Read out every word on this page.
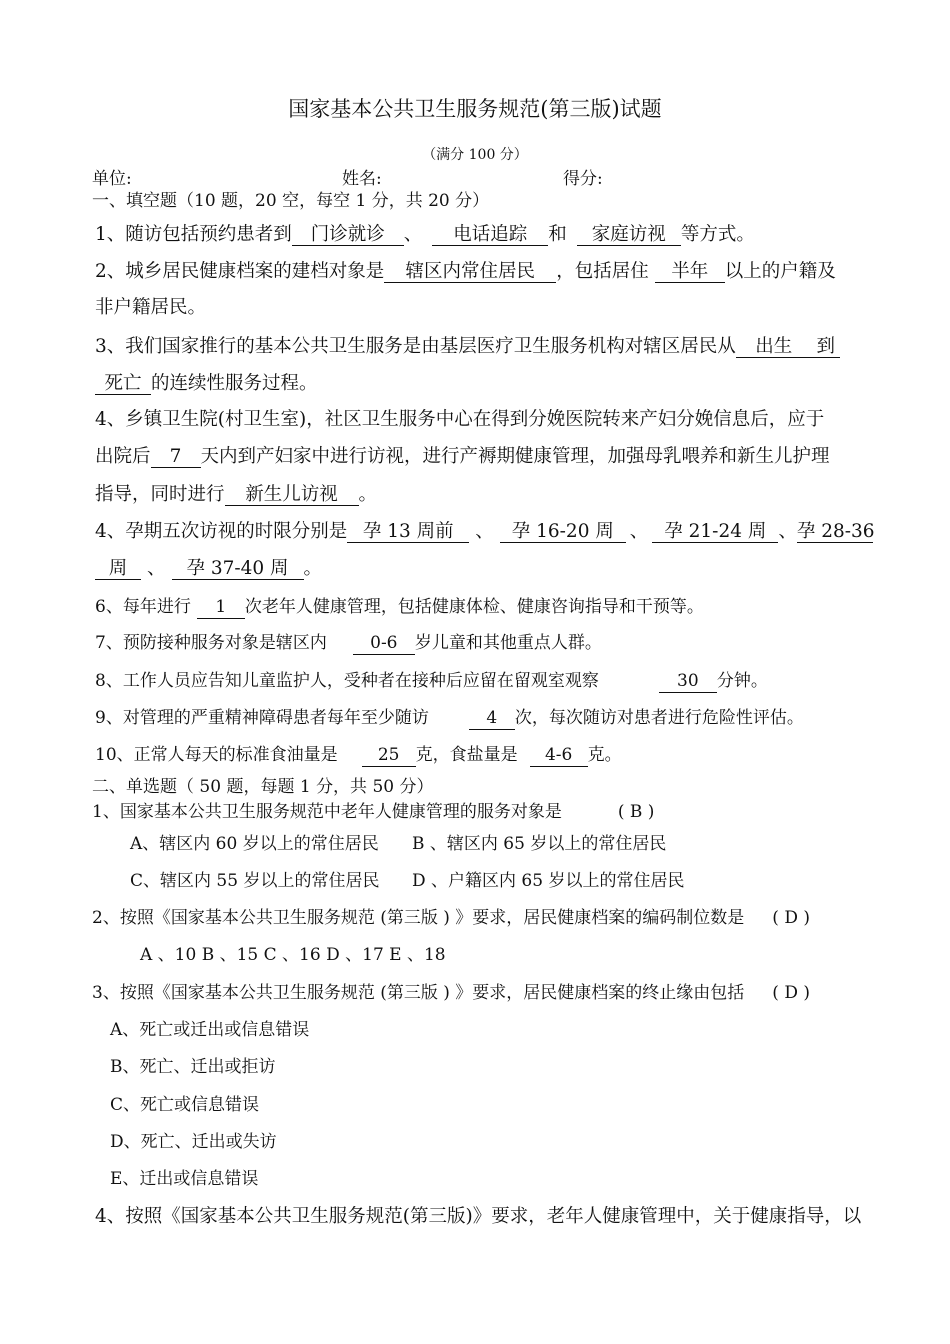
国家基本公共卫生服务规范(第三版)试题
（满分 100 分）
单位:	姓名:	得分:
一、填空题（10 题，20 空，每空 1 分，共 20 分）
1、随访包括预约患者到 门诊就诊 、 电话追踪 和 家庭访视 等方式。
2、城乡居民健康档案的建档对象是 辖区内常住居民 ，包括居住 半年 以上的户籍及
非户籍居民。
3、我们国家推行的基本公共卫生服务是由基层医疗卫生服务机构对辖区居民从 出生 到
死亡 的连续性服务过程。
4、乡镇卫生院(村卫生室)，社区卫生服务中心在得到分娩医院转来产妇分娩信息后，应于
出院后 7 天内到产妇家中进行访视，进行产褥期健康管理，加强母乳喂养和新生儿护理
指导，同时进行 新生儿访视 。
4、孕期五次访视的时限分别是 孕 13 周前 、 孕 16-20 周 、 孕 21-24 周 、孕 28-36
周 、 孕 37-40 周 。
6、每年进行 1 次老年人健康管理，包括健康体检、健康咨询指导和干预等。
7、预防接种服务对象是辖区内	0-6 岁儿童和其他重点人群。
8、工作人员应告知儿童监护人，受种者在接种后应留在留观室观察	30 分钟。
9、对管理的严重精神障碍患者每年至少随访	4 次，每次随访对患者进行危险性评估。
10、正常人每天的标准食油量是 25 克，食盐量是 4-6 克。
二、单选题（ 50 题，每题 1 分，共 50 分）
1、国家基本公共卫生服务规范中老年人健康管理的服务对象是	( B )
A、辖区内 60 岁以上的常住居民 B 、辖区内 65 岁以上的常住居民
C、辖区内 55 岁以上的常住居民 D 、户籍区内 65 岁以上的常住居民
2、按照《国家基本公共卫生服务规范 (第三版 ) 》要求，居民健康档案的编码制位数是 ( D )
A 、10 B 、15 C 、16 D 、17 E 、18
3、按照《国家基本公共卫生服务规范 (第三版 ) 》要求，居民健康档案的终止缘由包括 ( D )
A、死亡或迁出或信息错误
B、死亡、迁出或拒访
C、死亡或信息错误
D、死亡、迁出或失访
E、迁出或信息错误
4、按照《国家基本公共卫生服务规范(第三版)》要求，老年人健康管理中，关于健康指导，以
